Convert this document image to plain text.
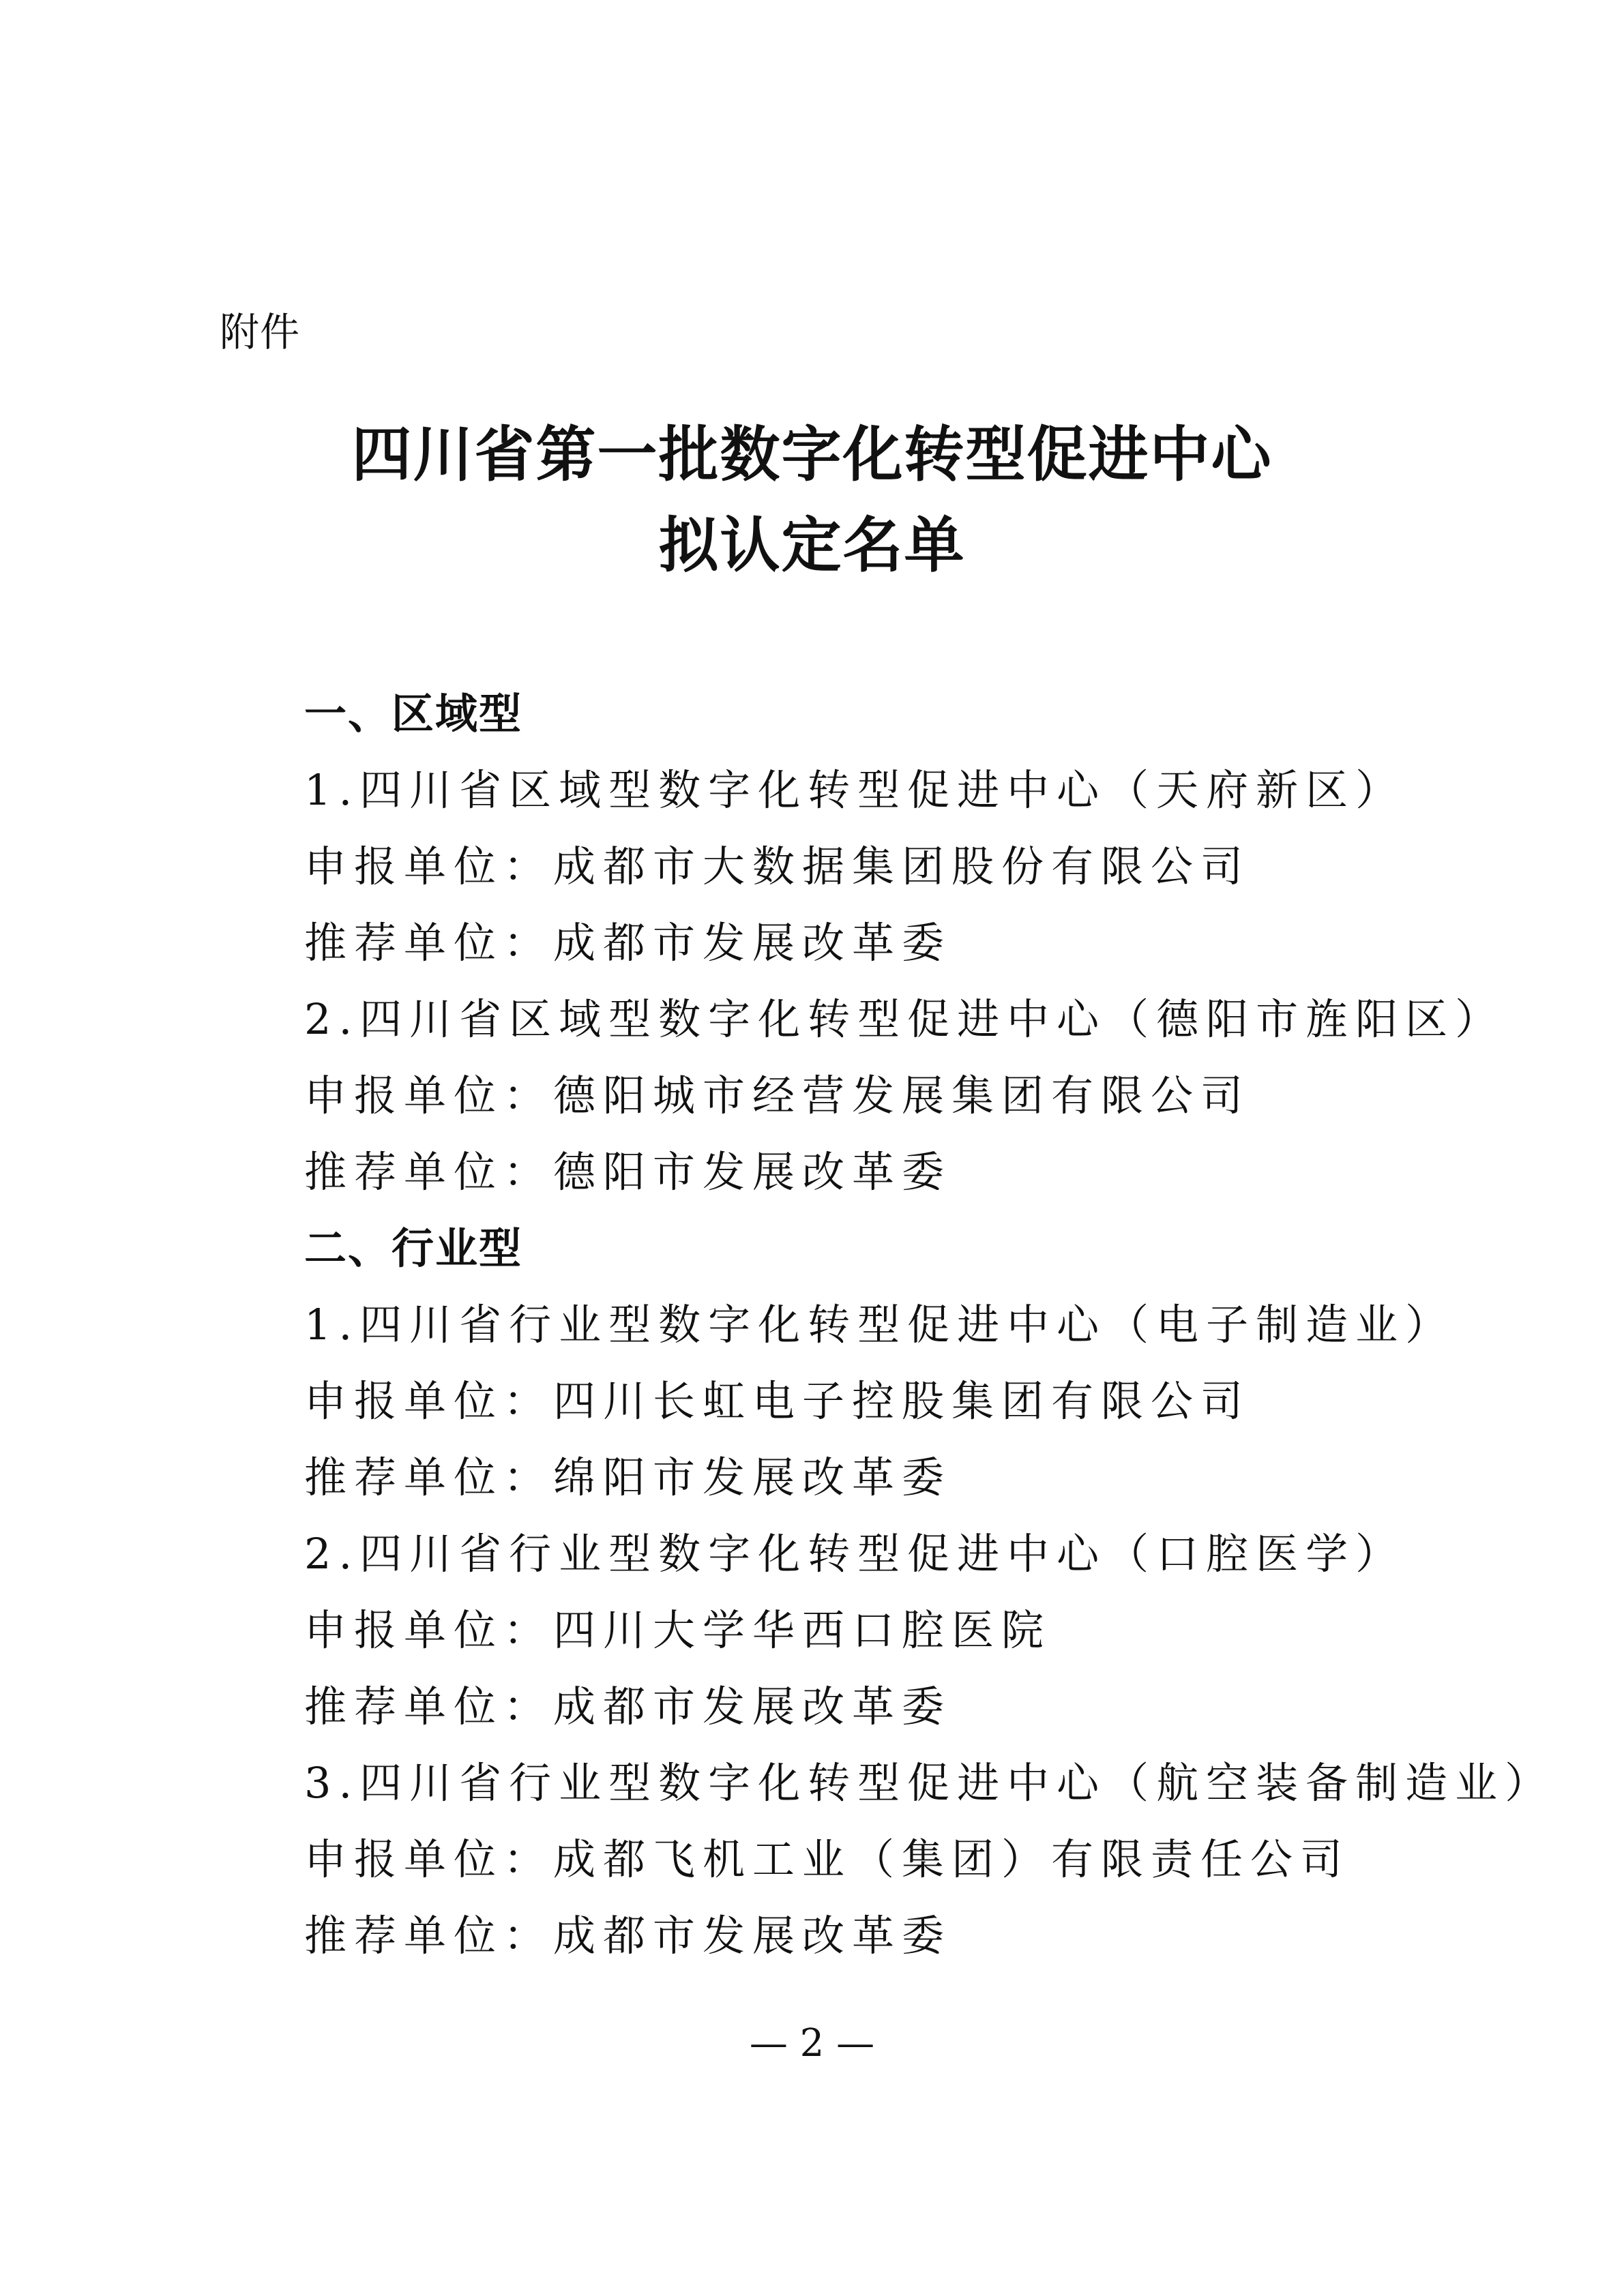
附件
四川省第一批数字化转型促进中心
拟认定名单
一、区域型
1.四川省区域型数字化转型促进中心（天府新区）
申报单位：成都市大数据集团股份有限公司
推荐单位：成都市发展改革委
2.四川省区域型数字化转型促进中心（德阳市旌阳区）
申报单位：德阳城市经营发展集团有限公司
推荐单位：德阳市发展改革委
二、行业型
1.四川省行业型数字化转型促进中心（电子制造业）
申报单位：四川长虹电子控股集团有限公司
推荐单位：绵阳市发展改革委
2.四川省行业型数字化转型促进中心（口腔医学）
申报单位：四川大学华西口腔医院
推荐单位：成都市发展改革委
3.四川省行业型数字化转型促进中心（航空装备制造业）
申报单位：成都飞机工业（集团）有限责任公司
推荐单位：成都市发展改革委
— 2 —
